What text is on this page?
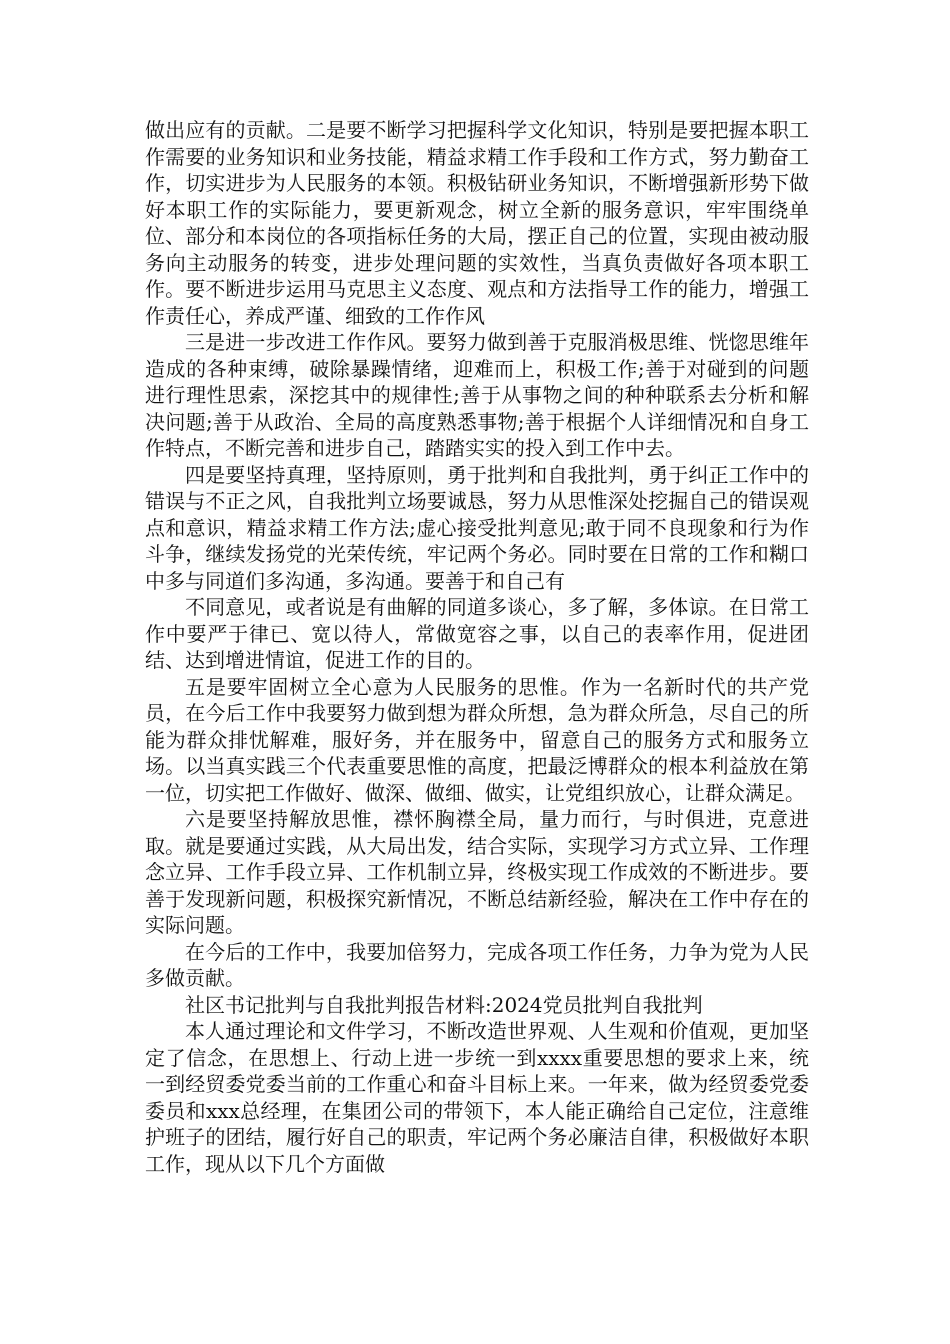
做出应有的贡献。二是要不断学习把握科学文化知识，特别是要把握本职工作需要的业务知识和业务技能，精益求精工作手段和工作方式，努力勤奋工作，切实进步为人民服务的本领。积极钻研业务知识，不断增强新形势下做好本职工作的实际能力，要更新观念，树立全新的服务意识，牢牢围绕单位、部分和本岗位的各项指标任务的大局，摆正自己的位置，实现由被动服务向主动服务的转变，进步处理问题的实效性，当真负责做好各项本职工作。要不断进步运用马克思主义态度、观点和方法指导工作的能力，增强工作责任心，养成严谨、细致的工作作风

三是进一步改进工作作风。要努力做到善于克服消极思维、恍惚思维年造成的各种束缚，破除暴躁情绪，迎难而上，积极工作;善于对碰到的问题进行理性思索，深挖其中的规律性;善于从事物之间的种种联系去分析和解决问题;善于从政治、全局的高度熟悉事物;善于根据个人详细情况和自身工作特点，不断完善和进步自己，踏踏实实的投入到工作中去。

四是要坚持真理，坚持原则，勇于批判和自我批判，勇于纠正工作中的错误与不正之风，自我批判立场要诚恳，努力从思惟深处挖掘自己的错误观点和意识，精益求精工作方法;虚心接受批判意见;敢于同不良现象和行为作斗争，继续发扬党的光荣传统，牢记两个务必。同时要在日常的工作和糊口中多与同道们多沟通，多沟通。要善于和自己有

不同意见，或者说是有曲解的同道多谈心，多了解，多体谅。在日常工作中要严于律已、宽以待人，常做宽容之事，以自己的表率作用，促进团结、达到增进情谊，促进工作的目的。

五是要牢固树立全心意为人民服务的思惟。作为一名新时代的共产党员，在今后工作中我要努力做到想为群众所想，急为群众所急，尽自己的所能为群众排忧解难，服好务，并在服务中，留意自己的服务方式和服务立场。以当真实践三个代表重要思惟的高度，把最泛博群众的根本利益放在第一位，切实把工作做好、做深、做细、做实，让党组织放心，让群众满足。

六是要坚持解放思惟，襟怀胸襟全局，量力而行，与时俱进，克意进取。就是要通过实践，从大局出发，结合实际，实现学习方式立异、工作理念立异、工作手段立异、工作机制立异，终极实现工作成效的不断进步。要善于发现新问题，积极探究新情况，不断总结新经验，解决在工作中存在的实际问题。

在今后的工作中，我要加倍努力，完成各项工作任务，力争为党为人民多做贡献。

社区书记批判与自我批判报告材料:2024党员批判自我批判

本人通过理论和文件学习，不断改造世界观、人生观和价值观，更加坚定了信念，在思想上、行动上进一步统一到xxxx重要思想的要求上来，统一到经贸委党委当前的工作重心和奋斗目标上来。一年来，做为经贸委党委委员和xxx总经理，在集团公司的带领下，本人能正确给自己定位，注意维护班子的团结，履行好自己的职责，牢记两个务必廉洁自律，积极做好本职工作，现从以下几个方面做
